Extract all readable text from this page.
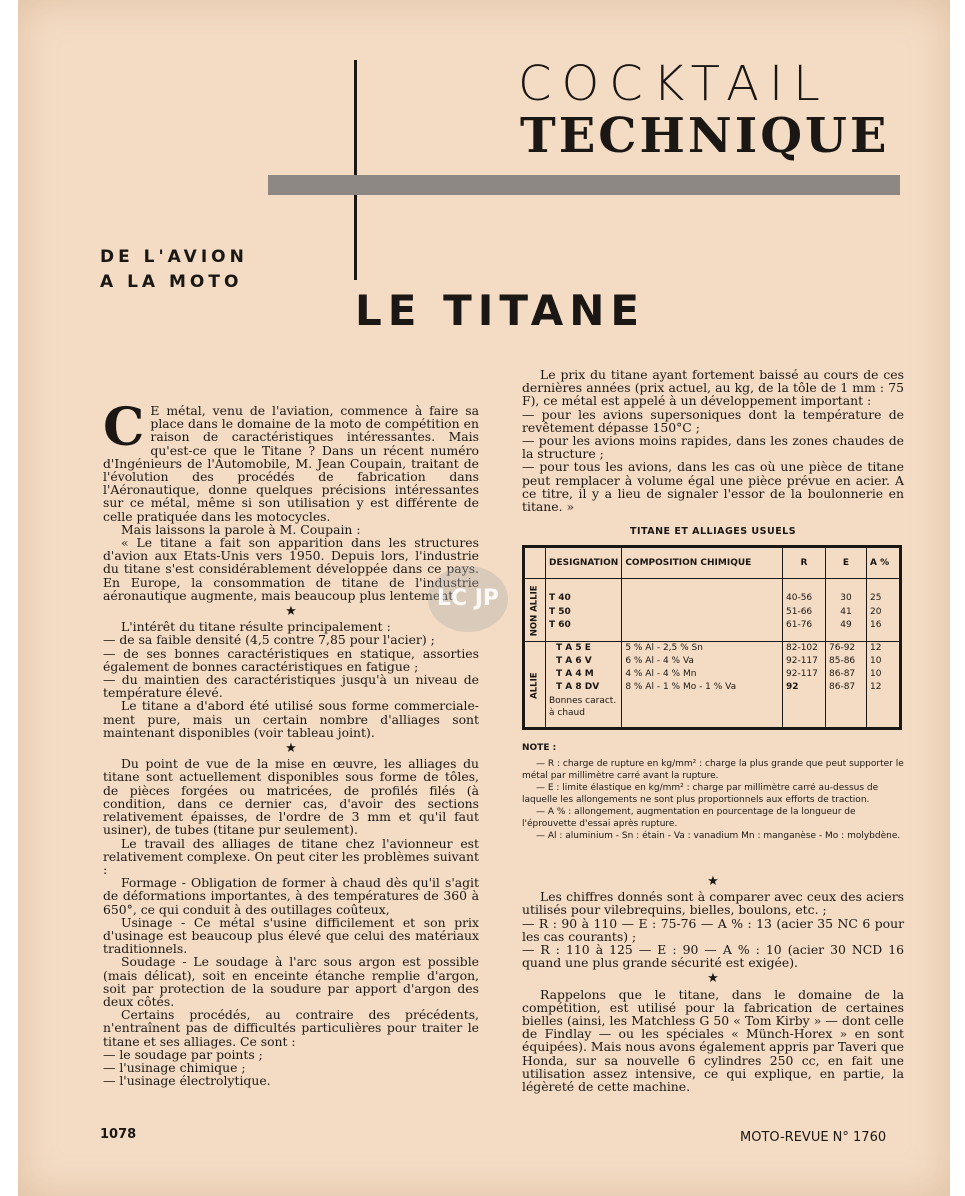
COCKTAIL
TECHNIQUE
DE L'AVION
A LA MOTO
LE TITANE

C E métal, venu de l'aviation, commence à faire sa place dans le domaine de la moto de compétition en raison de caractéristiques intéressantes. Mais qu'est-ce que le Titane ? Dans un récent numéro d'Ingénieurs de l'Automobile, M. Jean Coupain, traitant de l'évolution des procédés de fabrication dans l'Aéronautique, donne quelques précisions intéressantes sur ce métal, même si son utilisation y est différente de celle pratiquée dans les motocycles.

Mais laissons la parole à M. Coupain :

« Le titane a fait son apparition dans les structures d'avion aux Etats-Unis vers 1950. Depuis lors, l'industrie du titane s'est considérablement développée dans ce pays. En Europe, la consommation de titane de l'industrie aéronautique augmente, mais beaucoup plus lentement.

★

L'intérêt du titane résulte principalement :

— de sa faible densité (4,5 contre 7,85 pour l'acier) ;

— de ses bonnes caractéristiques en statique, assorties également de bonnes caractéristiques en fatigue ;

— du maintien des caractéristiques jusqu'à un niveau de température élevé.

Le titane a d'abord été utilisé sous forme commerciale-ment pure, mais un certain nombre d'alliages sont maintenant disponibles (voir tableau joint).

★

Du point de vue de la mise en œuvre, les alliages du titane sont actuellement disponibles sous forme de tôles, de pièces forgées ou matricées, de profilés filés (à condition, dans ce dernier cas, d'avoir des sections relativement épaisses, de l'ordre de 3 mm et qu'il faut usiner), de tubes (titane pur seulement).

Le travail des alliages de titane chez l'avionneur est relativement complexe. On peut citer les problèmes suivant :

Formage - Obligation de former à chaud dès qu'il s'agit de déformations importantes, à des températures de 360 à 650°, ce qui conduit à des outillages coûteux,

Usinage - Ce métal s'usine difficilement et son prix d'usinage est beaucoup plus élevé que celui des matériaux traditionnels.

Soudage - Le soudage à l'arc sous argon est possible (mais délicat), soit en enceinte étanche remplie d'argon, soit par protection de la soudure par apport d'argon des deux côtés.

Certains procédés, au contraire des précédents, n'entraînent pas de difficultés particulières pour traiter le titane et ses alliages. Ce sont :

— le soudage par points ;

— l'usinage chimique ;

— l'usinage électrolytique.

LC JP

Le prix du titane ayant fortement baissé au cours de ces dernières années (prix actuel, au kg, de la tôle de 1 mm : 75 F), ce métal est appelé à un développement important :

— pour les avions supersoniques dont la température de revêtement dépasse 150°C ;

— pour les avions moins rapides, dans les zones chaudes de la structure ;

— pour tous les avions, dans les cas où une pièce de titane peut remplacer à volume égal une pièce prévue en acier. A ce titre, il y a lieu de signaler l'essor de la boulonnerie en titane. »

TITANE ET ALLIAGES USUELS
	DESIGNATION	COMPOSITION CHIMIQUE	R	E	A %
NON ALLIE	T 40		40-56	30	25
	T 50		51-66	41	20
	T 60		61-76	49	16
ALLIE	T A 5 E	5 % Al - 2,5 % Sn	82-102	76-92	12
	T A 6 V	6 % Al - 4 % Va	92-117	85-86	10
	T A 4 M	4 % Al - 4 % Mn	92-117	86-87	10
	T A 8 DV	8 % Al - 1 % Mo - 1 % Va	92	86-87	12
	Bonnes caract. à chaud				

NOTE :

— R : charge de rupture en kg/mm² : charge la plus grande que peut supporter le métal par millimètre carré avant la rupture.

— E : limite élastique en kg/mm² : charge par millimètre carré au-dessus de laquelle les allongements ne sont plus proportionnels aux efforts de traction.

— A % : allongement, augmentation en pourcentage de la longueur de l'éprouvette d'essai après rupture.

— Al : aluminium - Sn : étain - Va : vanadium Mn : manganèse - Mo : molybdène.

★

Les chiffres donnés sont à comparer avec ceux des aciers utilisés pour vilebrequins, bielles, boulons, etc. ;

— R : 90 à 110 — E : 75-76 — A % : 13 (acier 35 NC 6 pour les cas courants) ;

— R : 110 à 125 — E : 90 — A % : 10 (acier 30 NCD 16 quand une plus grande sécurité est exigée).

★

Rappelons que le titane, dans le domaine de la compétition, est utilisé pour la fabrication de certaines bielles (ainsi, les Matchless G 50 « Tom Kirby » — dont celle de Findlay — ou les spéciales « Münch-Horex » en sont équipées). Mais nous avons également appris par Taveri que Honda, sur sa nouvelle 6 cylindres 250 cc, en fait une utilisation assez intensive, ce qui explique, en partie, la légèreté de cette machine.

1078	MOTO-REVUE N° 1760
